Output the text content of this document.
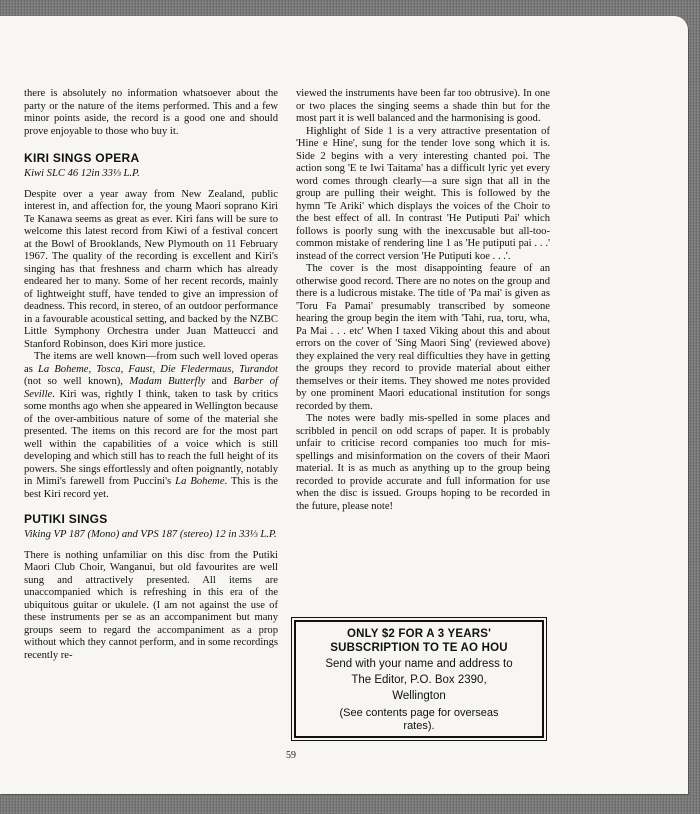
there is absolutely no information whatsoever about the party or the nature of the items performed. This and a few minor points aside, the record is a good one and should prove enjoyable to those who buy it.

KIRI SINGS OPERA
Kiwi SLC 46 12in 33⅓ L.P.

Despite over a year away from New Zealand, public interest in, and affection for, the young Maori soprano Kiri Te Kanawa seems as great as ever. Kiri fans will be sure to welcome this latest record from Kiwi of a festival concert at the Bowl of Brooklands, New Plymouth on 11 February 1967. The quality of the recording is excellent and Kiri's singing has that freshness and charm which has already endeared her to many. Some of her recent records, mainly of lightweight stuff, have tended to give an impression of deadness. This record, in stereo, of an outdoor performance in a favourable acoustical setting, and backed by the NZBC Little Symphony Orchestra under Juan Matteucci and Stanford Robinson, does Kiri more justice.

The items are well known—from such well loved operas as La Boheme, Tosca, Faust, Die Fledermaus, Turandot (not so well known), Madam Butterfly and Barber of Seville. Kiri was, rightly I think, taken to task by critics some months ago when she appeared in Wellington because of the over-ambitious nature of some of the material she presented. The items on this record are for the most part well within the capabilities of a voice which is still developing and which still has to reach the full height of its powers. She sings effortlessly and often poignantly, notably in Mimi's farewell from Puccini's La Boheme. This is the best Kiri record yet.

PUTIKI SINGS
Viking VP 187 (Mono) and VPS 187 (stereo) 12 in 33⅓ L.P.

There is nothing unfamiliar on this disc from the Putiki Maori Club Choir, Wanganui, but old favourites are well sung and attractively presented. All items are unaccompanied which is refreshing in this era of the ubiquitous guitar or ukulele. (I am not against the use of these instruments per se as an accompaniment but many groups seem to regard the accompaniment as a prop without which they cannot perform, and in some recordings recently re-

viewed the instruments have been far too obtrusive). In one or two places the singing seems a shade thin but for the most part it is well balanced and the harmonising is good.

Highlight of Side 1 is a very attractive presentation of 'Hine e Hine', sung for the tender love song which it is. Side 2 begins with a very interesting chanted poi. The action song 'E te Iwi Taitama' has a difficult lyric yet every word comes through clearly—a sure sign that all in the group are pulling their weight. This is followed by the hymn 'Te Ariki' which displays the voices of the Choir to the best effect of all. In contrast 'He Putiputi Pai' which follows is poorly sung with the inexcusable but all-too-common mistake of rendering line 1 as 'He putiputi pai . . .' instead of the correct version 'He Putiputi koe . . .'.

The cover is the most disappointing feaure of an otherwise good record. There are no notes on the group and there is a ludicrous mistake. The title of 'Pa mai' is given as 'Toru Fa Pamai' presumably transcribed by someone hearing the group begin the item with 'Tahi, rua, toru, wha, Pa Mai . . . etc' When I taxed Viking about this and about errors on the cover of 'Sing Maori Sing' (reviewed above) they explained the very real difficulties they have in getting the groups they record to provide material about either themselves or their items. They showed me notes provided by one prominent Maori educational institution for songs recorded by them.

The notes were badly mis-spelled in some places and scribbled in pencil on odd scraps of paper. It is probably unfair to criticise record companies too much for mis-spellings and misinformation on the covers of their Maori material. It is as much as anything up to the group being recorded to provide accurate and full information for use when the disc is issued. Groups hoping to be recorded in the future, please note!

ONLY $2 FOR A 3 YEARS'
SUBSCRIPTION TO TE AO HOU
Send with your name and address to
The Editor, P.O. Box 2390,
Wellington
(See contents page for overseas
rates).
59
